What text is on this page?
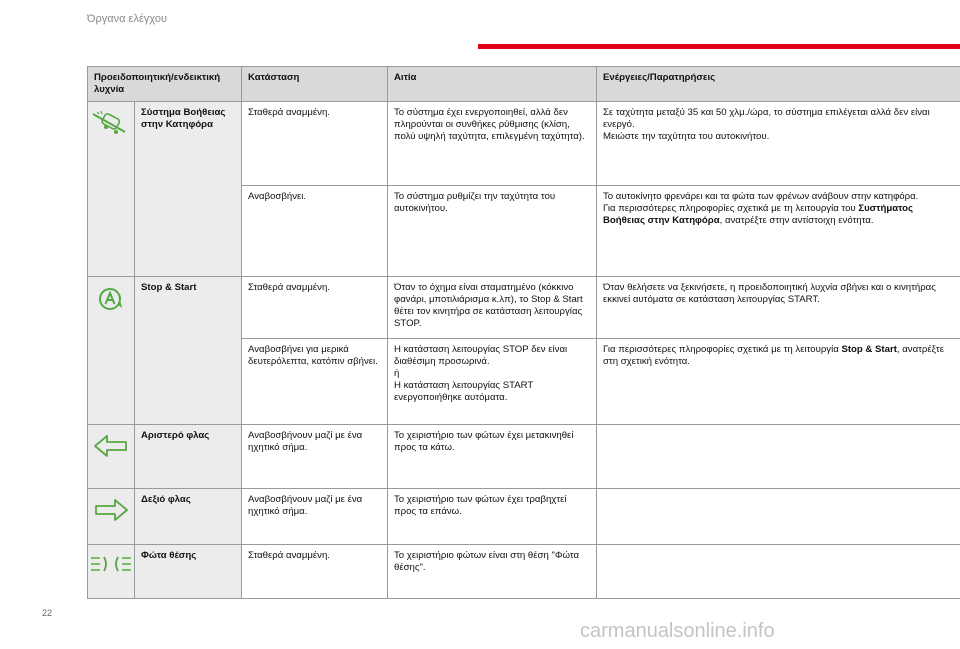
Όργανα ελέγχου
Προειδοποιητική/ενδεικτική λυχνία		Κατάσταση	Αιτία	Ενέργειες/Παρατηρήσεις

	Σύστημα Βοήθειας στην Κατηφόρα	Σταθερά αναμμένη.	Το σύστημα έχει ενεργοποιηθεί, αλλά δεν πληρούνται οι συνθήκες ρύθμισης (κλίση, πολύ υψηλή ταχύτητα, επιλεγμένη ταχύτητα).	Σε ταχύτητα μεταξύ 35 και 50 χλμ./ώρα, το σύστημα επιλέγεται αλλά δεν είναι ενεργό.
Μειώστε την ταχύτητα του αυτοκινήτου.

		Αναβοσβήνει.	Το σύστημα ρυθμίζει την ταχύτητα του αυτοκινήτου.	Το αυτοκίνητο φρενάρει και τα φώτα των φρένων ανάβουν στην κατηφόρα.
Για περισσότερες πληροφορίες σχετικά με τη λειτουργία του Συστήματος Βοήθειας στην Κατηφόρα, ανατρέξτε στην αντίστοιχη ενότητα.

	Stop & Start	Σταθερά αναμμένη.	Όταν το όχημα είναι σταματημένο (κόκκινο φανάρι, μποτιλιάρισμα κ.λπ), το Stop & Start θέτει τον κινητήρα σε κατάσταση λειτουργίας STOP.	Όταν θελήσετε να ξεκινήσετε, η προειδοποιητική λυχνία σβήνει και ο κινητήρας εκκινεί αυτόματα σε κατάσταση λειτουργίας START.
		Αναβοσβήνει για μερικά δευτερόλεπτα, κατόπιν σβήνει.	Η κατάσταση λειτουργίας STOP δεν είναι διαθέσιμη προσωρινά.
ή
Η κατάσταση λειτουργίας START ενεργοποιήθηκε αυτόματα.	Για περισσότερες πληροφορίες σχετικά με τη λειτουργία Stop & Start, ανατρέξτε στη σχετική ενότητα.

	Αριστερό φλας	Αναβοσβήνουν μαζί με ένα ηχητικό σήμα.	Το χειριστήριο των φώτων έχει μετακινηθεί προς τα κάτω.	

	Δεξιό φλας	Αναβοσβήνουν μαζί με ένα ηχητικό σήμα.	Το χειριστήριο των φώτων έχει τραβηχτεί προς τα επάνω.	

	Φώτα θέσης	Σταθερά αναμμένη.	Το χειριστήριο φώτων είναι στη θέση "Φώτα θέσης".	
22
carmanualsonline.info
